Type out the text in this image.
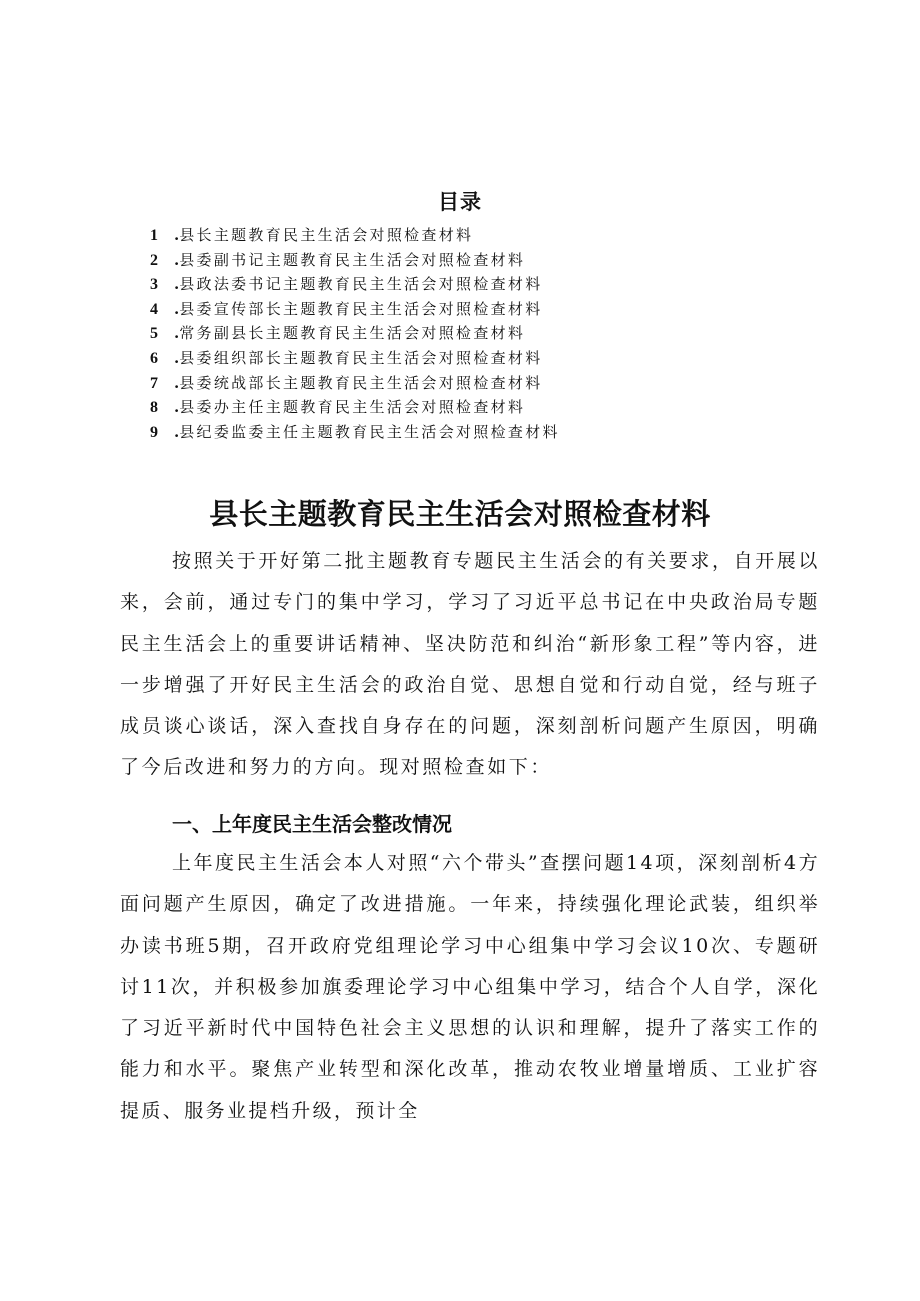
目录
1 .县长主题教育民主生活会对照检查材料
2 .县委副书记主题教育民主生活会对照检查材料
3 .县政法委书记主题教育民主生活会对照检查材料
4 .县委宣传部长主题教育民主生活会对照检查材料
5 .常务副县长主题教育民主生活会对照检查材料
6 .县委组织部长主题教育民主生活会对照检查材料
7 .县委统战部长主题教育民主生活会对照检查材料
8 .县委办主任主题教育民主生活会对照检查材料
9 .县纪委监委主任主题教育民主生活会对照检查材料
县长主题教育民主生活会对照检查材料

按照关于开好第二批主题教育专题民主生活会的有关要求，自开展以来，会前，通过专门的集中学习，学习了习近平总书记在中央政治局专题民主生活会上的重要讲话精神、坚决防范和纠治“新形象工程”等内容，进一步增强了开好民主生活会的政治自觉、思想自觉和行动自觉，经与班子成员谈心谈话，深入查找自身存在的问题，深刻剖析问题产生原因，明确了今后改进和努力的方向。现对照检查如下：

一、上年度民主生活会整改情况

上年度民主生活会本人对照“六个带头”查摆问题14项，深刻剖析4方面问题产生原因，确定了改进措施。一年来，持续强化理论武装，组织举办读书班5期，召开政府党组理论学习中心组集中学习会议10次、专题研讨11次，并积极参加旗委理论学习中心组集中学习，结合个人自学，深化了习近平新时代中国特色社会主义思想的认识和理解，提升了落实工作的能力和水平。聚焦产业转型和深化改革，推动农牧业增量增质、工业扩容提质、服务业提档升级，预计全
